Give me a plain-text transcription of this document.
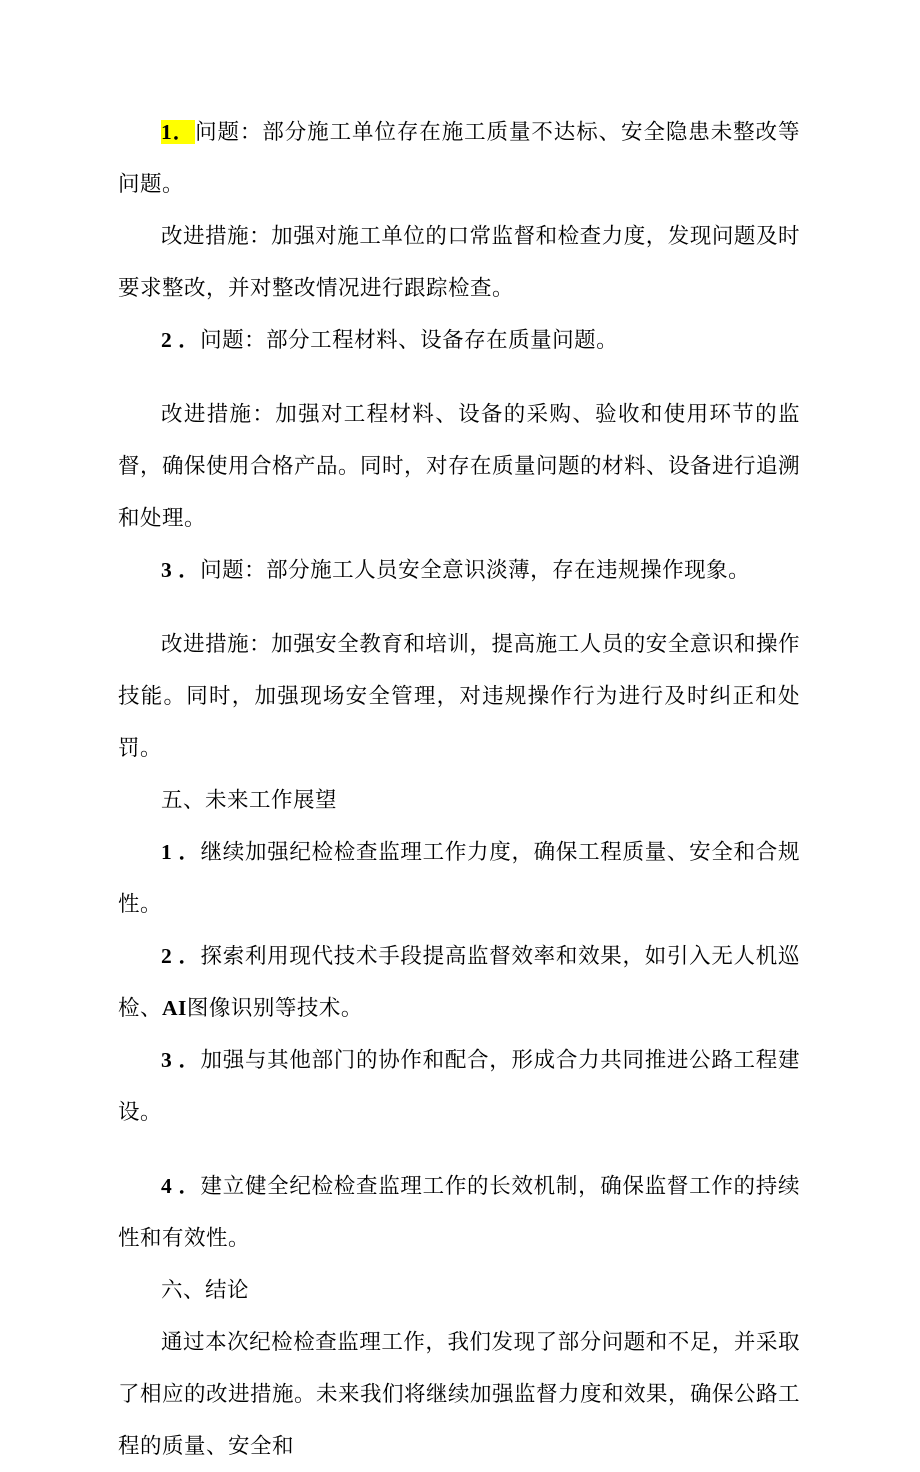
1．问题：部分施工单位存在施工质量不达标、安全隐患未整改等问题。

改进措施：加强对施工单位的口常监督和检查力度，发现问题及时要求整改，并对整改情况进行跟踪检查。

2 ．问题：部分工程材料、设备存在质量问题。

改进措施：加强对工程材料、设备的采购、验收和使用环节的监督，确保使用合格产品。同时，对存在质量问题的材料、设备进行追溯和处理。

3 ．问题：部分施工人员安全意识淡薄，存在违规操作现象。

改进措施：加强安全教育和培训，提高施工人员的安全意识和操作技能。同时，加强现场安全管理，对违规操作行为进行及时纠正和处罚。

五、未来工作展望

1 ．继续加强纪检检查监理工作力度，确保工程质量、安全和合规性。

2 ．探索利用现代技术手段提高监督效率和效果，如引入无人机巡检、AI图像识别等技术。

3 ．加强与其他部门的协作和配合，形成合力共同推进公路工程建设。

4 ．建立健全纪检检查监理工作的长效机制，确保监督工作的持续性和有效性。

六、结论

通过本次纪检检查监理工作，我们发现了部分问题和不足，并采取了相应的改进措施。未来我们将继续加强监督力度和效果，确保公路工程的质量、安全和
